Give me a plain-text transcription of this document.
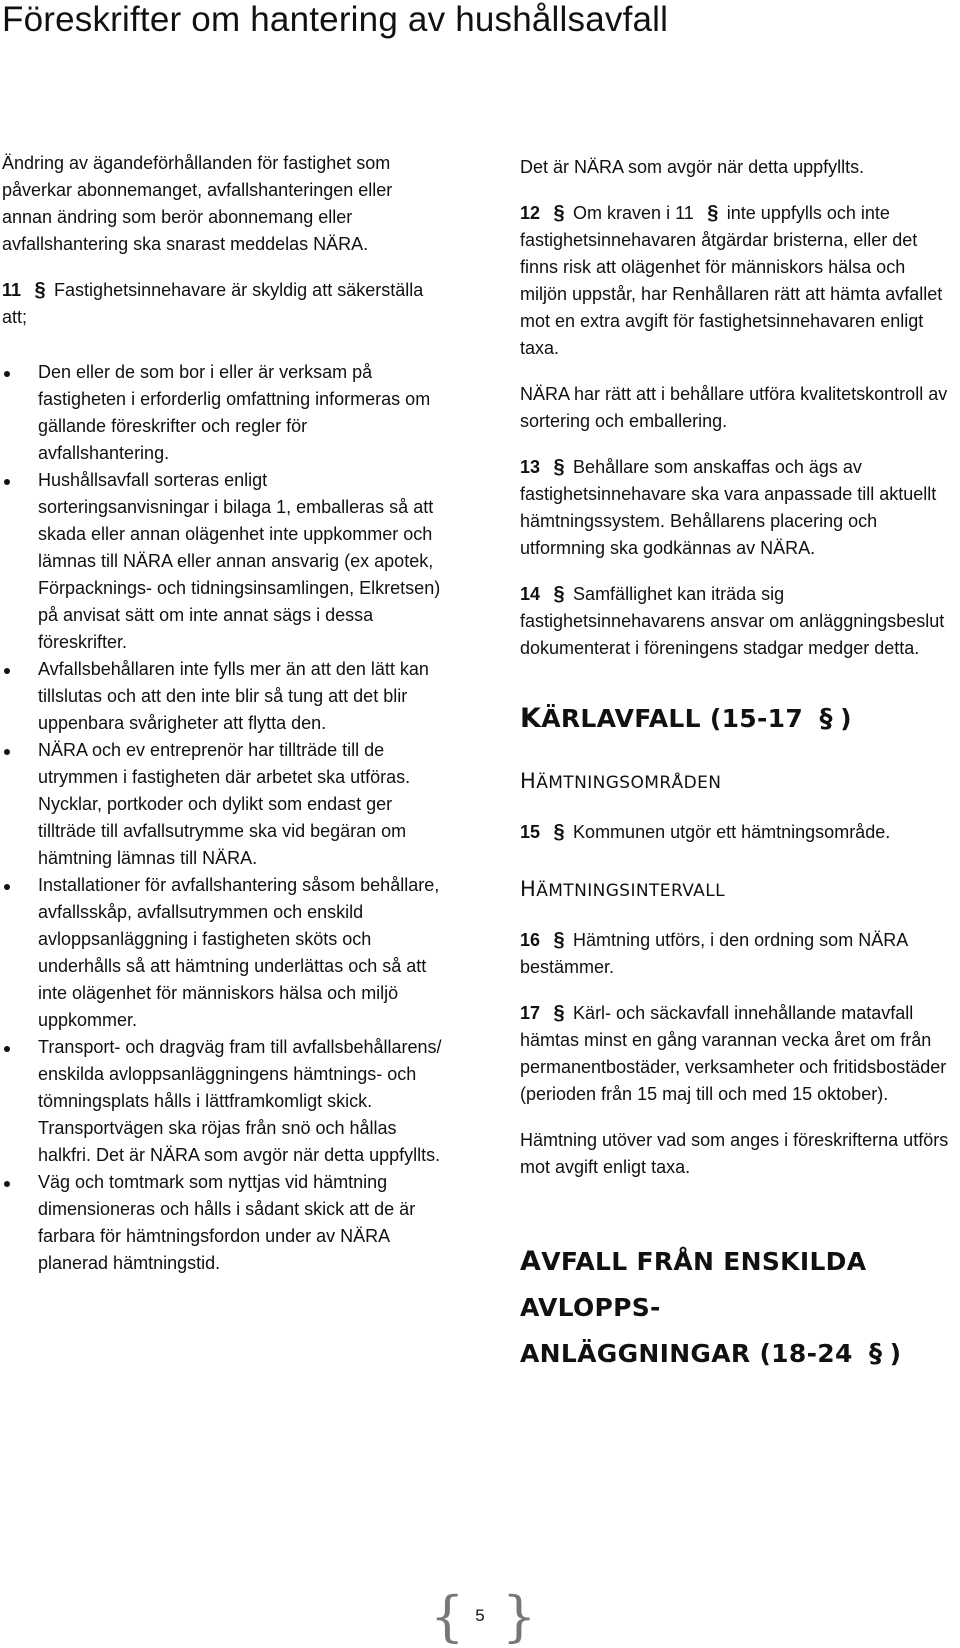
Föreskrifter om hantering av hushållsavfall

Ändring av ägandeförhållanden för fastighet som påverkar abonnemanget, avfallshanteringen eller annan ändring som berör abonnemang eller avfallshantering ska snarast meddelas NÄRA.

11 § Fastighetsinnehavare är skyldig att säkerställa att;

Den eller de som bor i eller är verksam på fastigheten i erforderlig omfattning informeras om gällande föreskrifter och regler för avfallshantering.
Hushållsavfall sorteras enligt sorteringsanvisningar i bilaga 1, emballeras så att skada eller annan olägenhet inte uppkommer och lämnas till NÄRA eller annan ansvarig (ex apotek, Förpacknings- och tidningsinsamlingen, Elkretsen) på anvisat sätt om inte annat sägs i dessa föreskrifter.
Avfallsbehållaren inte fylls mer än att den lätt kan tillslutas och att den inte blir så tung att det blir uppenbara svårigheter att flytta den.
NÄRA och ev entreprenör har tillträde till de utrymmen i fastigheten där arbetet ska utföras. Nycklar, portkoder och dylikt som endast ger tillträde till avfallsutrymme ska vid begäran om hämtning lämnas till NÄRA.
Installationer för avfallshantering såsom behållare, avfallsskåp, avfallsutrymmen och enskild avloppsanläggning i fastigheten sköts och underhålls så att hämtning underlättas och så att inte olägenhet för människors hälsa och miljö uppkommer.
Transport- och dragväg fram till avfallsbehållarens/ enskilda avloppsanläggningens hämtnings- och tömningsplats hålls i lättframkomligt skick. Transportvägen ska röjas från snö och hållas halkfri. Det är NÄRA som avgör när detta uppfyllts.
Väg och tomtmark som nyttjas vid hämtning dimensioneras och hålls i sådant skick att de är farbara för hämtningsfordon under av NÄRA planerad hämtningstid.

Det är NÄRA som avgör när detta uppfyllts.

12 § Om kraven i 11 § inte uppfylls och inte fastighetsinnehavaren åtgärdar bristerna, eller det finns risk att olägenhet för människors hälsa och miljön uppstår, har Renhållaren rätt att hämta avfallet mot en extra avgift för fastighetsinnehavaren enligt taxa.

NÄRA har rätt att i behållare utföra kvalitetskontroll av sortering och emballering.

13 § Behållare som anskaffas och ägs av fastighetsinnehavare ska vara anpassade till aktuellt hämtningssystem. Behållarens placering och utformning ska godkännas av NÄRA.

14 § Samfällighet kan iträda sig fastighetsinnehavarens ansvar om anläggningsbeslut dokumenterat i föreningens stadgar medger detta.

KÄRLAVFALL (15-17 § )
HÄMTNINGSOMRÅDEN

15 § Kommunen utgör ett hämtningsområde.

HÄMTNINGSINTERVALL

16 § Hämtning utförs, i den ordning som NÄRA bestämmer.

17 § Kärl- och säckavfall innehållande matavfall hämtas minst en gång varannan vecka året om från permanentbostäder, verksamheter och fritidsbostäder (perioden från 15 maj till och med 15 oktober).

Hämtning utöver vad som anges i föreskrifterna utförs mot avgift enligt taxa.

AVFALL FRÅN ENSKILDA AVLOPPS-
ANLÄGGNINGAR (18-24 § )
{ 5 }
